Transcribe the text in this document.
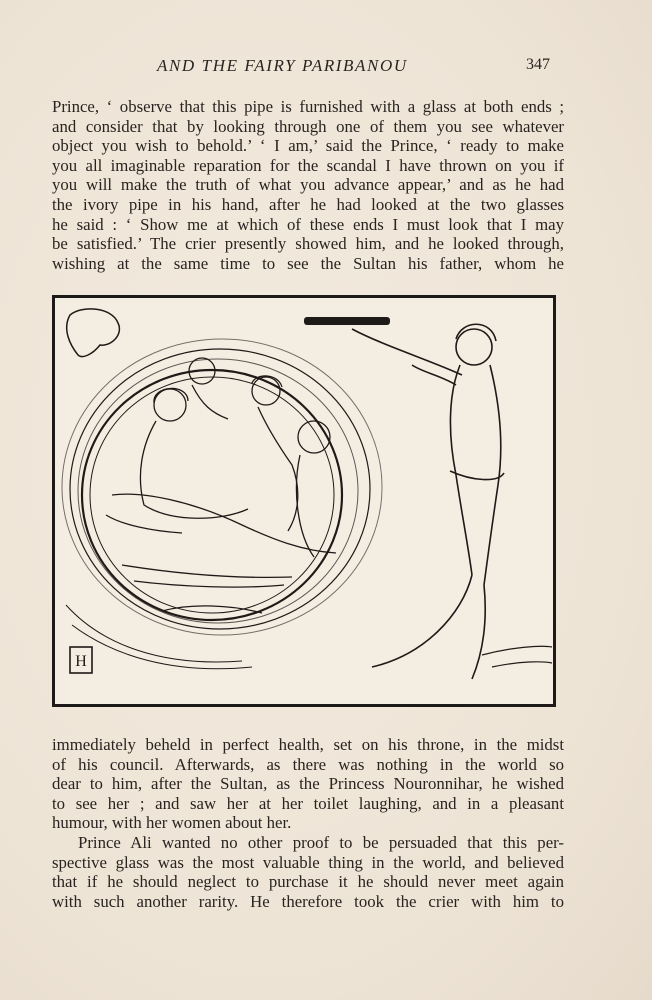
AND THE FAIRY PARIBANOU	347
Prince, ‘ observe that this pipe is furnished with a glass at both ends ;
and consider that by looking through one of them you see whatever
object you wish to behold.’ ‘ I am,’ said the Prince, ‘ ready to make
you all imaginable reparation for the scandal I have thrown on you if
you will make the truth of what you advance appear,’ and as he had
the ivory pipe in his hand, after he had looked at the two glasses
he said : ‘ Show me at which of these ends I must look that I may
be satisfied.’ The crier presently showed him, and he looked through,
wishing at the same time to see the Sultan his father, whom he
H
immediately beheld in perfect health, set on his throne, in the midst
of his council. Afterwards, as there was nothing in the world so
dear to him, after the Sultan, as the Princess Nouronnihar, he wished
to see her ; and saw her at her toilet laughing, and in a pleasant
humour, with her women about her.
Prince Ali wanted no other proof to be persuaded that this per-
spective glass was the most valuable thing in the world, and believed
that if he should neglect to purchase it he should never meet again
with such another rarity. He therefore took the crier with him to
